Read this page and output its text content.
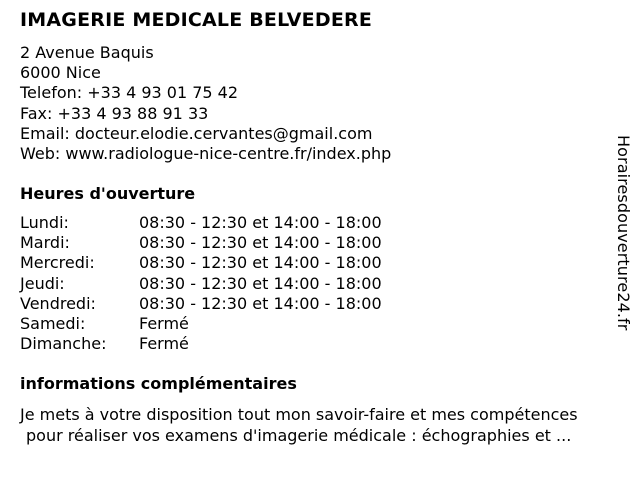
IMAGERIE MEDICALE BELVEDERE
2 Avenue Baquis
6000 Nice
Telefon: +33 4 93 01 75 42
Fax: +33 4 93 88 91 33
Email: docteur.elodie.cervantes@gmail.com
Web: www.radiologue-nice-centre.fr/index.php
Heures d'ouverture
Lundi:	08:30 - 12:30 et 14:00 - 18:00
Mardi:	08:30 - 12:30 et 14:00 - 18:00
Mercredi:	08:30 - 12:30 et 14:00 - 18:00
Jeudi:	08:30 - 12:30 et 14:00 - 18:00
Vendredi:	08:30 - 12:30 et 14:00 - 18:00
Samedi:	Fermé
Dimanche: Fermé
informations complémentaires
Je mets à votre disposition tout mon savoir-faire et mes compétences
pour réaliser vos examens d'imagerie médicale : échographies et ...
Horairesdouverture24.fr
